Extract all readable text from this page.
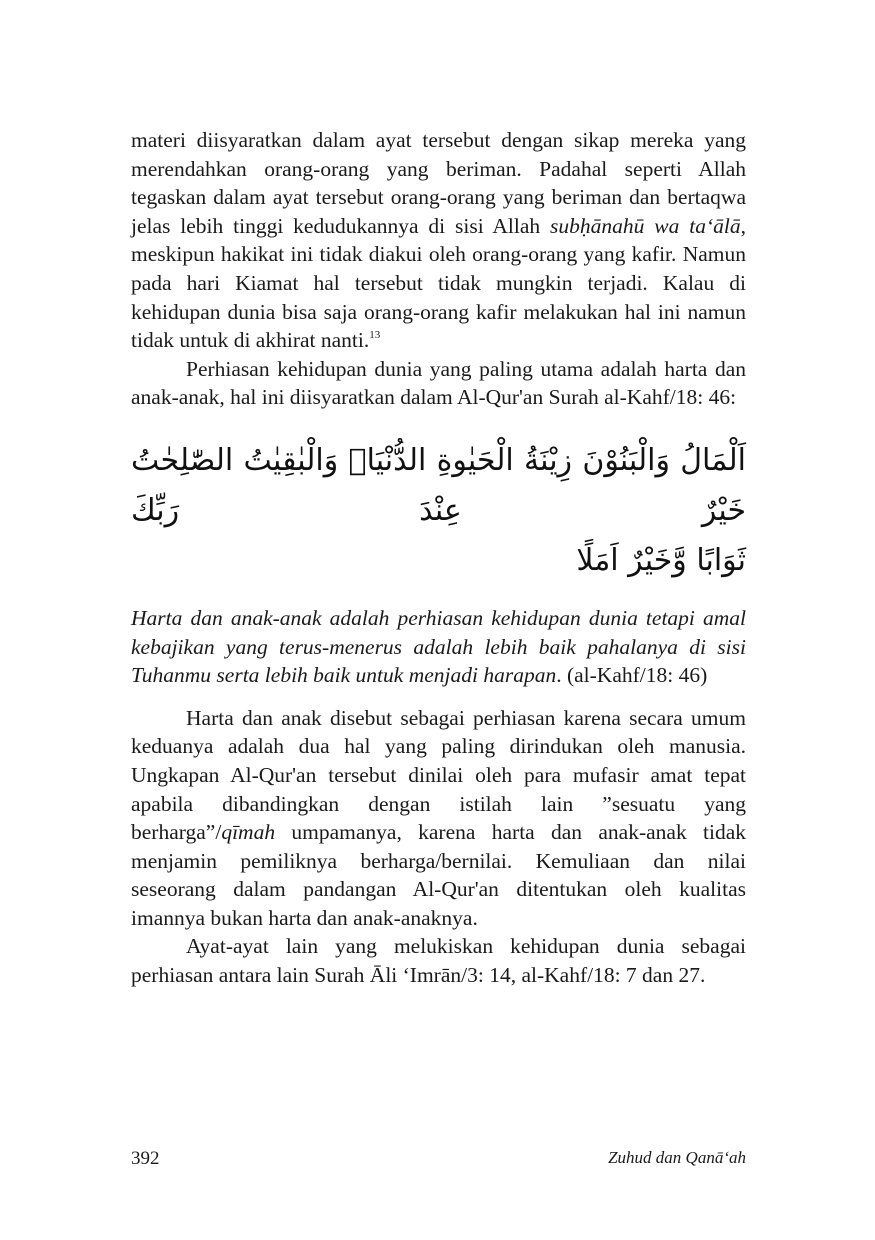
materi diisyaratkan dalam ayat tersebut dengan sikap mereka yang merendahkan orang-orang yang beriman. Padahal seperti Allah tegaskan dalam ayat tersebut orang-orang yang beriman dan bertaqwa jelas lebih tinggi kedudukannya di sisi Allah subḥānahū wa ta‘ālā, meskipun hakikat ini tidak diakui oleh orang-orang yang kafir. Namun pada hari Kiamat hal tersebut tidak mungkin terjadi. Kalau di kehidupan dunia bisa saja orang-orang kafir melakukan hal ini namun tidak untuk di akhirat nanti.$^{13}$

Perhiasan kehidupan dunia yang paling utama adalah harta dan anak-anak, hal ini diisyaratkan dalam Al-Qur'an Surah al-Kahf/18: 46:

اَلْمَالُ وَالْبَنُوْنَ زِيْنَةُ الْحَيٰوةِ الدُّنْيَاۚ وَالْبٰقِيٰتُ الصّٰلِحٰتُ خَيْرٌ عِنْدَ رَبِّكَ
ثَوَابًا وَّخَيْرٌ اَمَلًا

Harta dan anak-anak adalah perhiasan kehidupan dunia tetapi amal kebajikan yang terus-menerus adalah lebih baik pahalanya di sisi Tuhanmu serta lebih baik untuk menjadi harapan. (al-Kahf/18: 46)

Harta dan anak disebut sebagai perhiasan karena secara umum keduanya adalah dua hal yang paling dirindukan oleh manusia. Ungkapan Al-Qur'an tersebut dinilai oleh para mufasir amat tepat apabila dibandingkan dengan istilah lain ”sesuatu yang berharga”/qīmah umpamanya, karena harta dan anak-anak tidak menjamin pemiliknya berharga/bernilai. Kemuliaan dan nilai seseorang dalam pandangan Al-Qur'an ditentukan oleh kualitas imannya bukan harta dan anak-anaknya.

Ayat-ayat lain yang melukiskan kehidupan dunia sebagai perhiasan antara lain Surah Āli ‘Imrān/3: 14, al-Kahf/18: 7 dan 27.

392	Zuhud dan Qanā‘ah
